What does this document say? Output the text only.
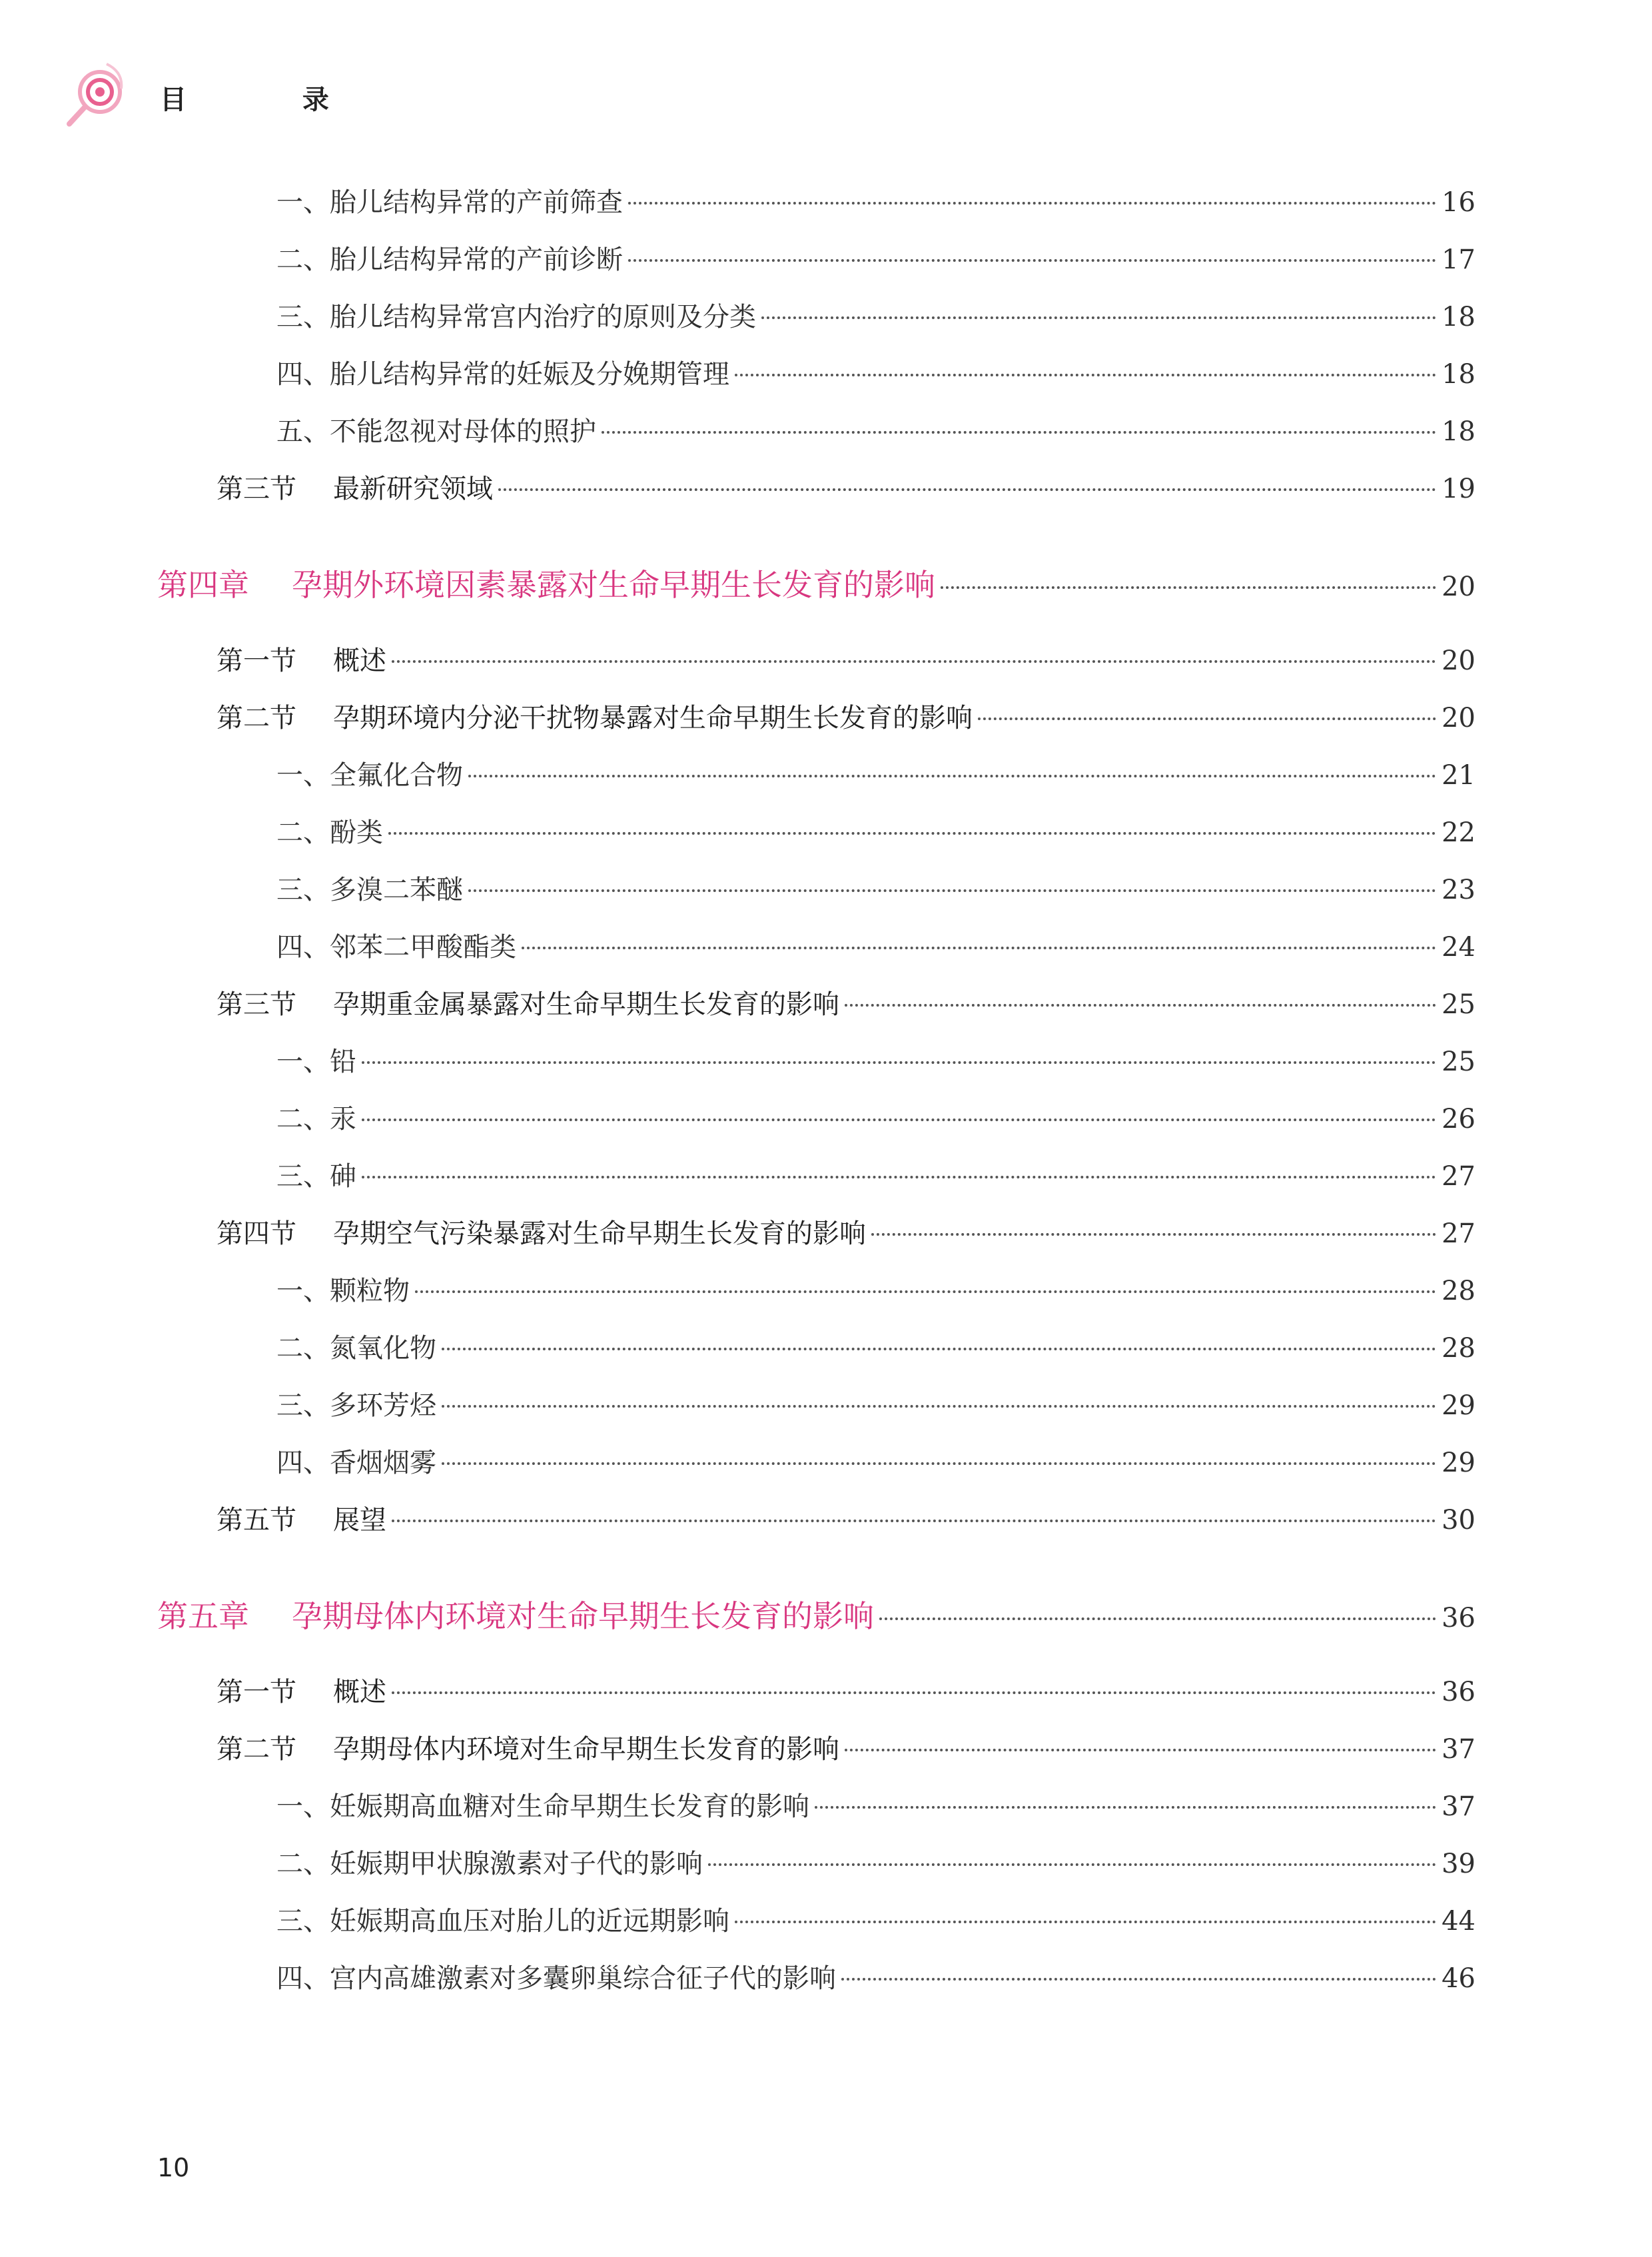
目 录
一、 胎儿结构异常的产前筛查	16
二、 胎儿结构异常的产前诊断	17
三、 胎儿结构异常宫内治疗的原则及分类	18
四、 胎儿结构异常的妊娠及分娩期管理	18
五、 不能忽视对母体的照护	18
第三节	最新研究领域	19
第四章	孕期外环境因素暴露对生命早期生长发育的影响	20
第一节	概述	20
第二节	孕期环境内分泌干扰物暴露对生命早期生长发育的影响	20
一、 全氟化合物	21
二、 酚类	22
三、 多溴二苯醚	23
四、 邻苯二甲酸酯类	24
第三节	孕期重金属暴露对生命早期生长发育的影响	25
一、 铅	25
二、 汞	26
三、 砷	27
第四节	孕期空气污染暴露对生命早期生长发育的影响	27
一、 颗粒物	28
二、 氮氧化物	28
三、 多环芳烃	29
四、 香烟烟雾	29
第五节	展望	30
第五章	孕期母体内环境对生命早期生长发育的影响	36
第一节	概述	36
第二节	孕期母体内环境对生命早期生长发育的影响	37
一、 妊娠期高血糖对生命早期生长发育的影响	37
二、 妊娠期甲状腺激素对子代的影响	39
三、 妊娠期高血压对胎儿的近远期影响	44
四、 宫内高雄激素对多囊卵巢综合征子代的影响	46
10
